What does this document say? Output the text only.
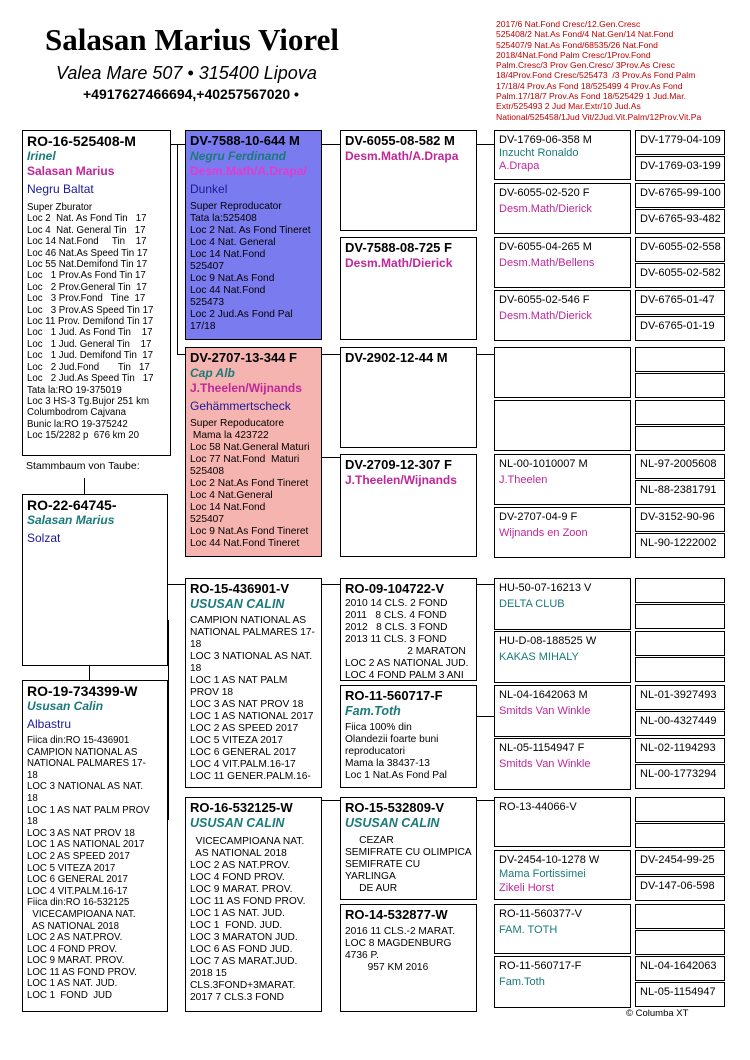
Salasan Marius Viorel
Valea Mare 507 • 315400 Lipova
+4917627466694,+40257567020 •
2017/6 Nat.Fond Cresc/12.Gen.Cresc
525408/2 Nat.As Fond/4 Nat.Gen/14 Nat.Fond
525407/9 Nat.As Fond/68535/26 Nat.Fond
2018/4Nat.Fond Palm Cresc/1Prov.Fond
Palm.Cresc/3 Prov Gen.Cresc/ 3Prov.As Cresc
18/4Prov.Fond Cresc/525473  /3 Prov.As Fond Palm
17/18/4 Prov.As Fond 18/525499 4 Prov.As Fond
Palm.17/18/7 Prov.As Fond 18/525429 1 Jud.Mar.
Extr/525493 2 Jud Mar.Extr/10 Jud.As
National/525458/1Jud Vit/2Jud.Vit.Palm/12Prov.Vit.Pa
RO-16-525408-M
Irinel
Salasan Marius
Negru Baltat
Super Zburator
Loc 2  Nat. As Fond Tin   17
Loc 4  Nat. General Tin   17
Loc 14 Nat.Fond     Tin    17
Loc 46 Nat.As Speed Tin 17
Loc 55 Nat.Demifond Tin 17
Loc   1 Prov.As Fond Tin 17
Loc   2 Prov.General Tin  17
Loc   3 Prov.Fond   Tine  17
Loc   3 Prov.AS Speed Tin 17
Loc 11 Prov. Demifond Tin 17
Loc   1 Jud. As Fond Tin    17
Loc   1 Jud. General Tin    17
Loc   1 Jud. Demifond Tin  17
Loc   2 Jud.Fond       Tin   17
Loc   2 Jud.As Speed Tin   17
Tata la:RO 19-375019
Loc 3 HS-3 Tg.Bujor 251 km
Columbodrom Cajvana
Bunic la:RO 19-375242
Loc 15/2282 p  676 km 20
Stammbaum von Taube:
RO-22-64745-
Salasan Marius
Solzat
RO-19-734399-W
Ususan Calin
Albastru
Fiica din:RO 15-436901
CAMPION NATIONAL AS
NATIONAL PALMARES 17-
18
LOC 3 NATIONAL AS NAT.
18
LOC 1 AS NAT PALM PROV
18
LOC 3 AS NAT PROV 18
LOC 1 AS NATIONAL 2017
LOC 2 AS SPEED 2017
LOC 5 VITEZA 2017
LOC 6 GENERAL 2017
LOC 4 VIT.PALM.16-17
Fiica din:RO 16-532125
VICECAMPIOANA NAT.
AS NATIONAL 2018
LOC 2 AS NAT.PROV.
LOC 4 FOND PROV.
LOC 9 MARAT. PROV.
LOC 11 AS FOND PROV.
LOC 1 AS NAT. JUD.
LOC 1  FOND  JUD
DV-7588-10-644 M
Negru Ferdinand
Desm.Math/A.Drapa/
Dunkel
Super Reproducator
Tata la:525408
Loc 2 Nat. As Fond Tineret
Loc 4 Nat. General
Loc 14 Nat.Fond
525407
Loc 9 Nat.As Fond
Loc 44 Nat.Fond
525473
Loc 2 Jud.As Fond Pal
17/18
DV-2707-13-344 F
Cap Alb
J.Theelen/Wijnands
Gehämmertscheck
Super Repoducatore
Mama la 423722
Loc 58 Nat.General Maturi
Loc 77 Nat.Fond  Maturi
525408
Loc 2 Nat.As Fond Tineret
Loc 4 Nat.General
Loc 14 Nat.Fond
525407
Loc 9 Nat.As Fond Tineret
Loc 44 Nat.Fond Tineret
DV-6055-08-582 M
Desm.Math/A.Drapa
DV-7588-08-725 F
Desm.Math/Dierick
DV-2902-12-44 M
DV-2709-12-307 F
J.Theelen/Wijnands
DV-1769-06-358 M
Inzucht Ronaldo
A.Drapa
DV-6055-02-520 F
Desm.Math/Dierick
DV-6055-04-265 M
Desm.Math/Bellens
DV-6055-02-546 F
Desm.Math/Dierick
NL-00-1010007 M
J.Theelen
DV-2707-04-9 F
Wijnands en Zoon
DV-1779-04-109
DV-1769-03-199
DV-6765-99-100
DV-6765-93-482
DV-6055-02-558
DV-6055-02-582
DV-6765-01-47
DV-6765-01-19
NL-97-2005608
NL-88-2381791
DV-3152-90-96
NL-90-1222002
RO-15-436901-V
USUSAN CALIN
CAMPION NATIONAL AS
NATIONAL PALMARES 17-
18
LOC 3 NATIONAL AS NAT.
18
LOC 1 AS NAT PALM
PROV 18
LOC 3 AS NAT PROV 18
LOC 1 AS NATIONAL 2017
LOC 2 AS SPEED 2017
LOC 5 VITEZA 2017
LOC 6 GENERAL 2017
LOC 4 VIT.PALM.16-17
LOC 11 GENER.PALM.16-
RO-16-532125-W
USUSAN CALIN
VICECAMPIOANA NAT.
AS NATIONAL 2018
LOC 2 AS NAT.PROV.
LOC 4 FOND PROV.
LOC 9 MARAT. PROV.
LOC 11 AS FOND PROV.
LOC 1 AS NAT. JUD.
LOC 1  FOND. JUD.
LOC 3 MARATON JUD.
LOC 6 AS FOND JUD.
LOC 7 AS MARAT.JUD.
2018 15
CLS.3FOND+3MARAT.
2017 7 CLS.3 FOND
RO-09-104722-V
2010 14 CLS. 2 FOND
2011   8 CLS. 4 FOND
2012   8 CLS. 3 FOND
2013 11 CLS. 3 FOND
2 MARATON
LOC 2 AS NATIONAL JUD.
LOC 4 FOND PALM 3 ANI
RO-11-560717-F
Fam.Toth
Fiica 100% din
Olandezii foarte buni
reproducatori
Mama la 38437-13
Loc 1 Nat.As Fond Pal
RO-15-532809-V
USUSAN CALIN
CEZAR
SEMIFRATE CU OLIMPICA
SEMIFRATE CU
YARLINGA
DE AUR
RO-14-532877-W
2016 11 CLS.-2 MARAT.
LOC 8 MAGDENBURG
4736 P.
957 KM 2016
HU-50-07-16213 V
DELTA CLUB
HU-D-08-188525 W
KAKAS MIHALY
NL-04-1642063 M
Smitds Van Winkle
NL-05-1154947 F
Smitds Van Winkle
RO-13-44066-V
DV-2454-10-1278 W
Mama Fortissimei
Zikeli Horst
RO-11-560377-V
FAM. TOTH
RO-11-560717-F
Fam.Toth
NL-01-3927493
NL-00-4327449
NL-02-1194293
NL-00-1773294
DV-2454-99-25
DV-147-06-598
NL-04-1642063
NL-05-1154947
© Columba XT
